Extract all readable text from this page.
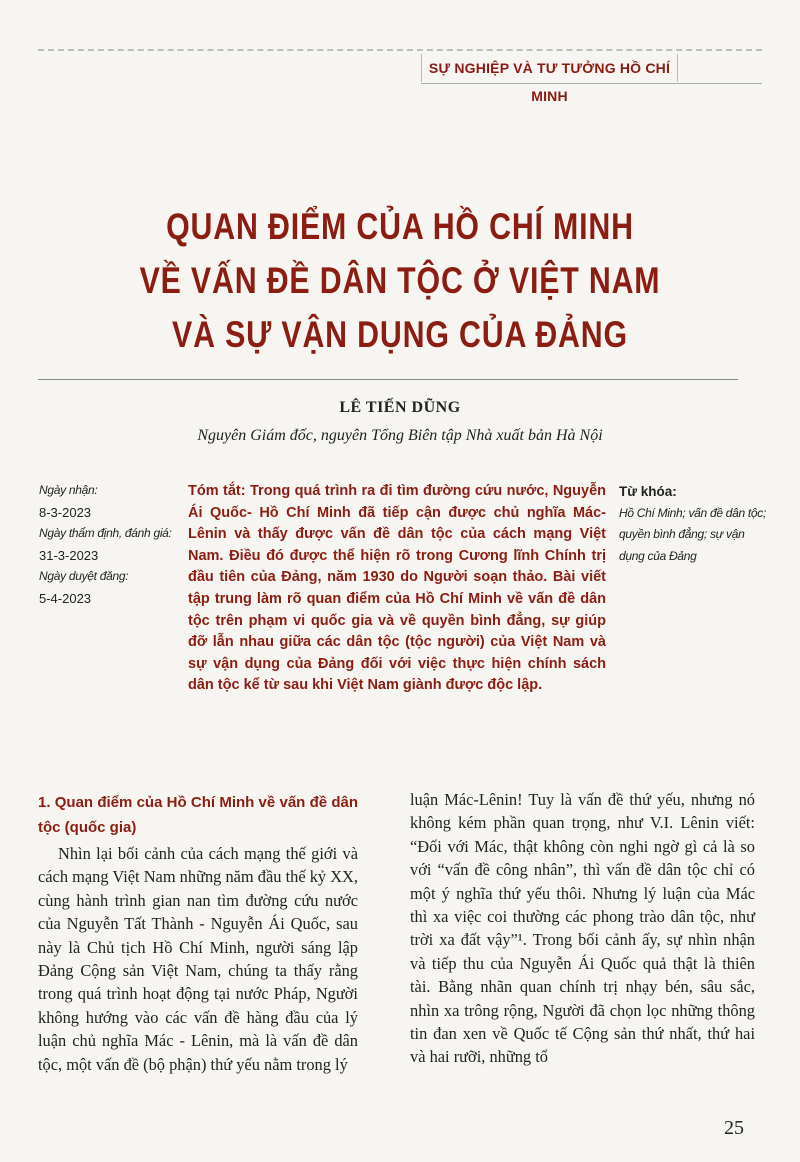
SỰ NGHIỆP VÀ TƯ TƯỞNG HỒ CHÍ MINH
QUAN ĐIỂM CỦA HỒ CHÍ MINH
VỀ VẤN ĐỀ DÂN TỘC Ở VIỆT NAM
VÀ SỰ VẬN DỤNG CỦA ĐẢNG
LÊ TIẾN DŨNG
Nguyên Giám đốc, nguyên Tổng Biên tập Nhà xuất bản Hà Nội
Ngày nhận:
8-3-2023
Ngày thẩm định, đánh giá:
31-3-2023
Ngày duyệt đăng:
5-4-2023
Tóm tắt: Trong quá trình ra đi tìm đường cứu nước, Nguyễn Ái Quốc- Hồ Chí Minh đã tiếp cận được chủ nghĩa Mác-Lênin và thấy được vấn đề dân tộc của cách mạng Việt Nam. Điều đó được thể hiện rõ trong Cương lĩnh Chính trị đầu tiên của Đảng, năm 1930 do Người soạn thảo. Bài viết tập trung làm rõ quan điểm của Hồ Chí Minh về vấn đề dân tộc trên phạm vi quốc gia và về quyền bình đẳng, sự giúp đỡ lẫn nhau giữa các dân tộc (tộc người) của Việt Nam và sự vận dụng của Đảng đối với việc thực hiện chính sách dân tộc kể từ sau khi Việt Nam giành được độc lập.
Từ khóa:
Hồ Chí Minh; vấn đề dân tộc; quyền bình đẳng; sự vận dụng của Đảng
1. Quan điểm của Hồ Chí Minh về vấn đề dân tộc (quốc gia)

Nhìn lại bối cảnh của cách mạng thế giới và cách mạng Việt Nam những năm đầu thế kỷ XX, cùng hành trình gian nan tìm đường cứu nước của Nguyễn Tất Thành - Nguyễn Ái Quốc, sau này là Chủ tịch Hồ Chí Minh, người sáng lập Đảng Cộng sản Việt Nam, chúng ta thấy rằng trong quá trình hoạt động tại nước Pháp, Người không hướng vào các vấn đề hàng đầu của lý luận chủ nghĩa Mác - Lênin, mà là vấn đề dân tộc, một vấn đề (bộ phận) thứ yếu nằm trong lý

luận Mác-Lênin! Tuy là vấn đề thứ yếu, nhưng nó không kém phần quan trọng, như V.I. Lênin viết: “Đối với Mác, thật không còn nghi ngờ gì cả là so với “vấn đề công nhân”, thì vấn đề dân tộc chỉ có một ý nghĩa thứ yếu thôi. Nhưng lý luận của Mác thì xa việc coi thường các phong trào dân tộc, như trời xa đất vậy”¹. Trong bối cảnh ấy, sự nhìn nhận và tiếp thu của Nguyễn Ái Quốc quả thật là thiên tài. Bằng nhãn quan chính trị nhạy bén, sâu sắc, nhìn xa trông rộng, Người đã chọn lọc những thông tin đan xen về Quốc tế Cộng sản thứ nhất, thứ hai và hai rưỡi, những tổ

25
